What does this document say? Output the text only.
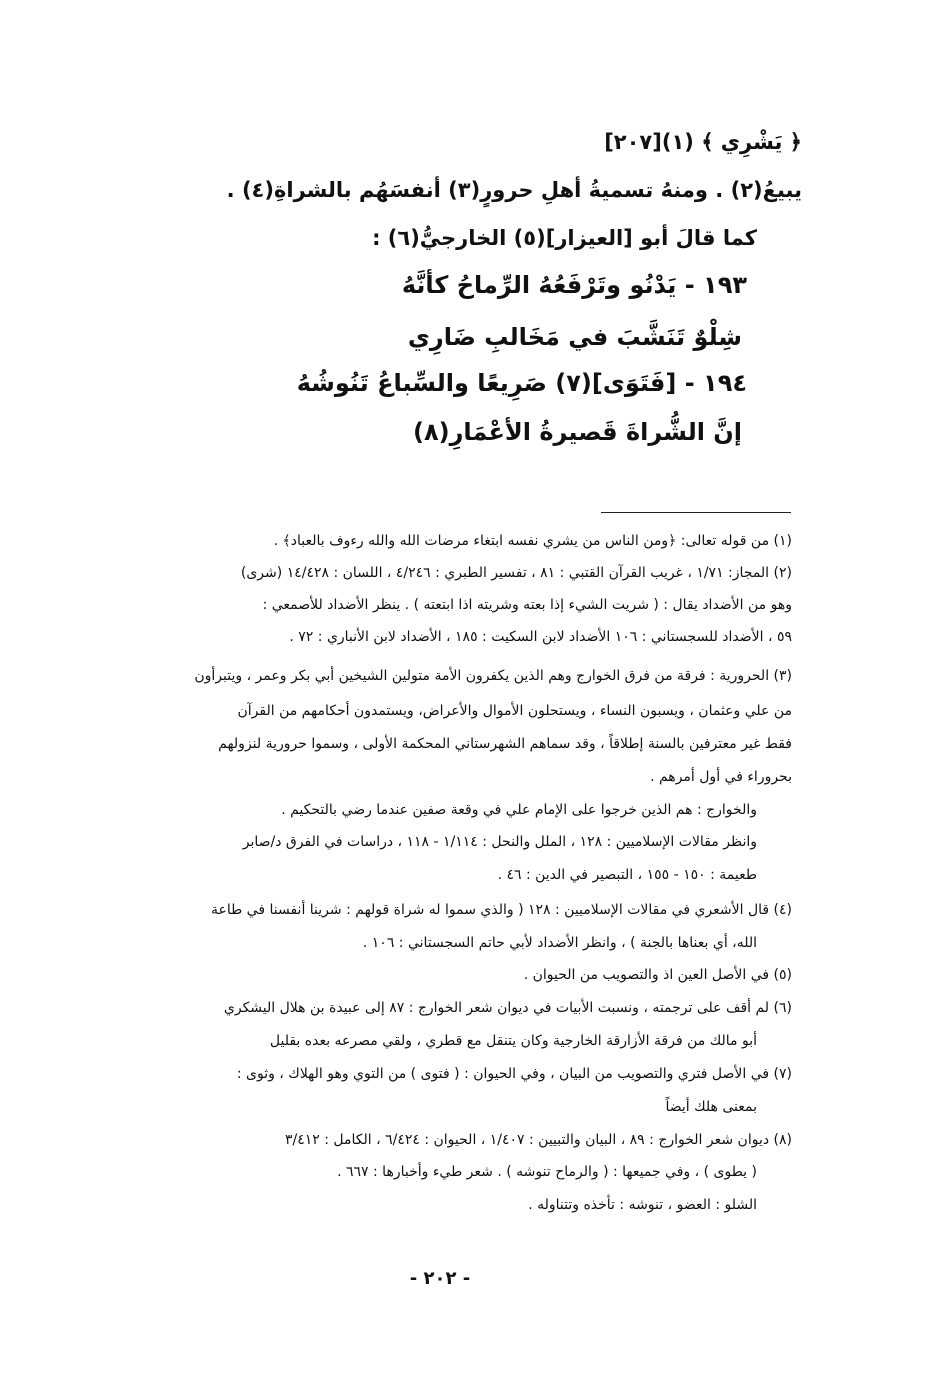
﴿ يَشْرِي ﴾ (١)[٢٠٧]
يبيعُ(٢) . ومنهُ تسميةُ أهلِ حرورٍ(٣) أنفسَهُم بالشراةِ(٤) .
كما قالَ أبو [العيزار](٥) الخارجيُّ(٦) :
١٩٣ - يَدْنُو وتَرْفَعُهُ الرِّماحُ كأنَّهُ
شِلْوٌ تَنَشَّبَ في مَخَالبِ ضَارِي
١٩٤ - [فَتَوَى](٧) صَرِيعًا والسِّباعُ تَنُوشُهُ
إنَّ الشُّراةَ قَصيرةُ الأعْمَارِ(٨)
(١) من قوله تعالى: ﴿ومن الناس من يشري نفسه ابتغاء مرضات الله والله رءوف بالعباد﴾ .
(٢) المجاز: ١/٧١ ، غريب القرآن القتبي : ٨١ ، تفسير الطبري : ٤/٢٤٦ ، اللسان : ١٤/٤٢٨ (شرى)
وهو من الأضداد يقال : ( شريت الشيء إذا بعته وشريته اذا ابتعته ) . ينظر الأضداد للأصمعي :
٥٩ ، الأضداد للسجستاني : ١٠٦ الأضداد لابن السكيت : ١٨٥ ، الأضداد لابن الأنباري : ٧٢ .
(٣) الحرورية : فرقة من فرق الخوارج وهم الذين يكفرون الأمة متولين الشيخين أبي بكر وعمر ، ويتبرأون
من علي وعثمان ، ويسبون النساء ، ويستحلون الأموال والأعراض، ويستمدون أحكامهم من القرآن
فقط غير معترفين بالسنة إطلاقاً ، وقد سماهم الشهرستاني المحكمة الأولى ، وسموا حرورية لنزولهم
بحروراء في أول أمرهم .
والخوارج : هم الذين خرجوا على الإمام علي في وقعة صفين عندما رضي بالتحكيم .
وانظر مقالات الإسلاميين : ١٢٨ ، الملل والنحل : ١/١١٤ - ١١٨ ، دراسات في الفرق د/صابر
طعيمة : ١٥٠ - ١٥٥ ، التبصير في الدين : ٤٦ .
(٤) قال الأشعري في مقالات الإسلاميين : ١٢٨ ( والذي سموا له شراة قولهم : شرينا أنفسنا في طاعة
الله، أي بعناها بالجنة ) ، وانظر الأضداد لأبي حاتم السجستاني : ١٠٦ .
(٥) في الأصل العين اذ والتصويب من الحيوان .
(٦) لم أقف على ترجمته ، ونسبت الأبيات في ديوان شعر الخوارج : ٨٧ إلى عبيدة بن هلال اليشكري
أبو مالك من فرقة الأزارقة الخارجية وكان يتنقل مع قطري ، ولقي مصرعه بعده بقليل
(٧) في الأصل فتري والتصويب من البيان ، وفي الحيوان : ( فتوى ) من التوي وهو الهلاك ، وثوى :
بمعنى هلك أيضاً
(٨) ديوان شعر الخوارج : ٨٩ ، البيان والتبيين : ١/٤٠٧ ، الحيوان : ٦/٤٢٤ ، الكامل : ٣/٤١٢
( يطوى ) ، وفي جميعها : ( والرماح تنوشه ) . شعر طيء وأخبارها : ٦٦٧ .
الشلو : العضو ، تنوشه : تأخذه وتتناوله .
- ٢٠٢ -
